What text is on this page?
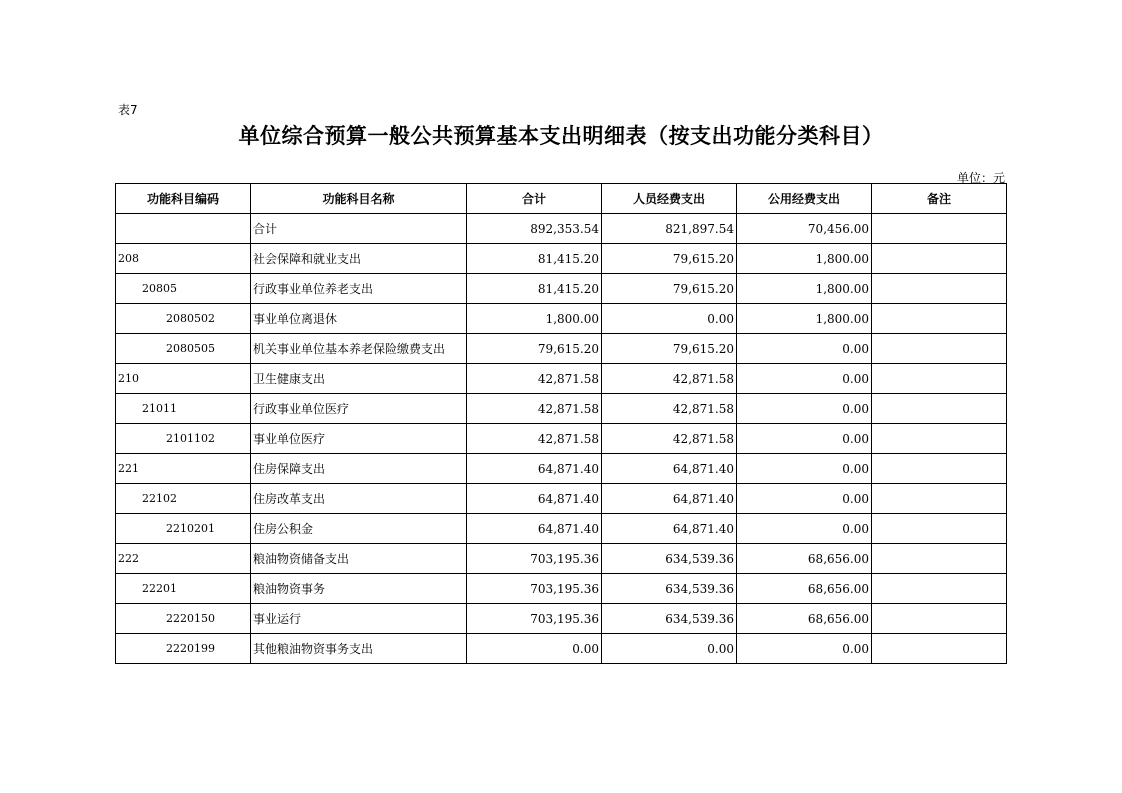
表7
单位综合预算一般公共预算基本支出明细表（按支出功能分类科目）
单位：元
功能科目编码	功能科目名称	合计	人员经费支出	公用经费支出	备注
	合计	892,353.54	821,897.54	70,456.00	
208	社会保障和就业支出	81,415.20	79,615.20	1,800.00	
20805	行政事业单位养老支出	81,415.20	79,615.20	1,800.00	
2080502	事业单位离退休	1,800.00	0.00	1,800.00	
2080505	机关事业单位基本养老保险缴费支出	79,615.20	79,615.20	0.00	
210	卫生健康支出	42,871.58	42,871.58	0.00	
21011	行政事业单位医疗	42,871.58	42,871.58	0.00	
2101102	事业单位医疗	42,871.58	42,871.58	0.00	
221	住房保障支出	64,871.40	64,871.40	0.00	
22102	住房改革支出	64,871.40	64,871.40	0.00	
2210201	住房公积金	64,871.40	64,871.40	0.00	
222	粮油物资储备支出	703,195.36	634,539.36	68,656.00	
22201	粮油物资事务	703,195.36	634,539.36	68,656.00	
2220150	事业运行	703,195.36	634,539.36	68,656.00	
2220199	其他粮油物资事务支出	0.00	0.00	0.00	
